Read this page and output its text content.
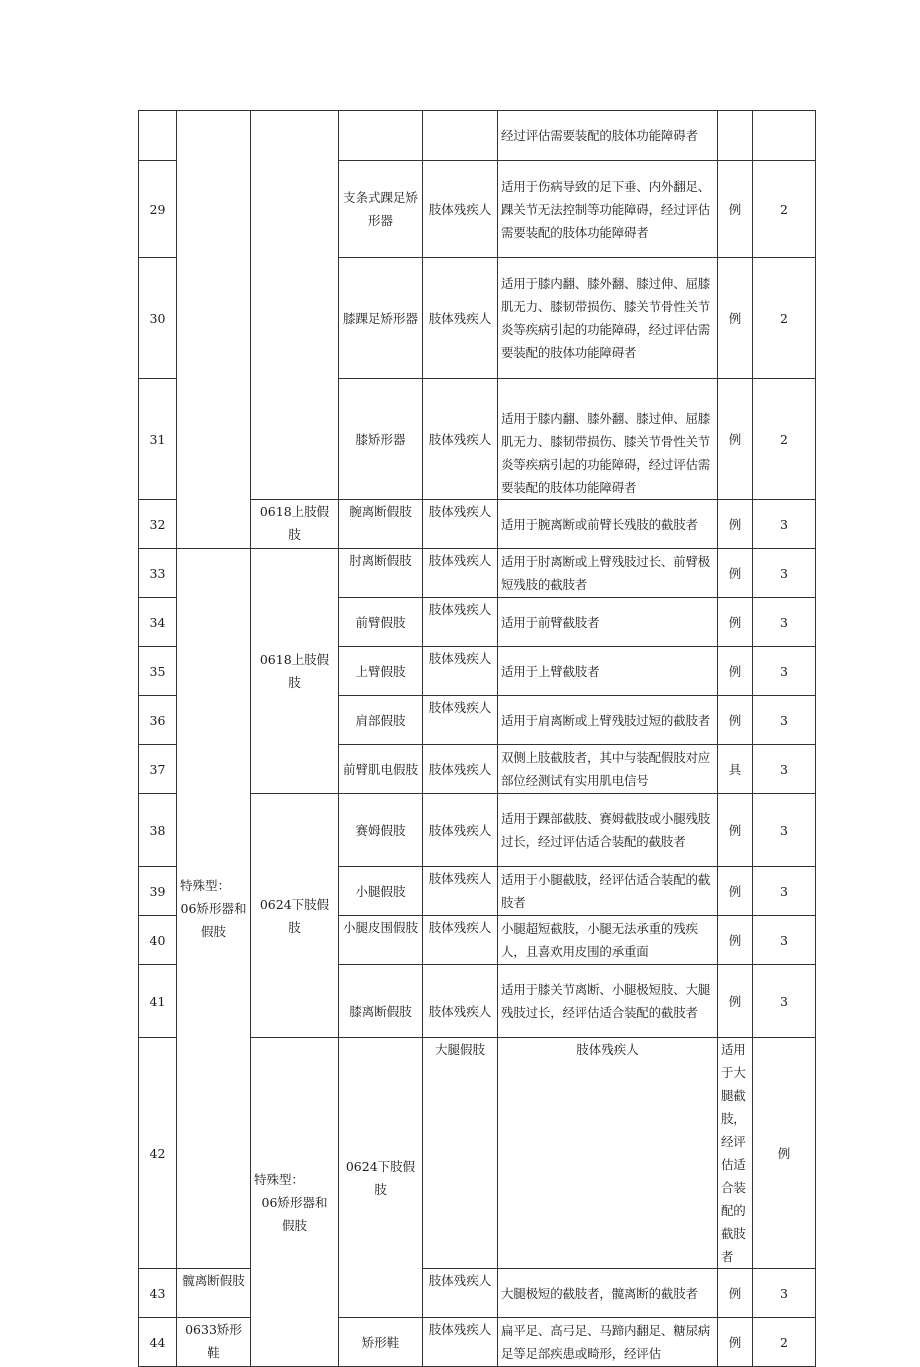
					经过评估需要装配的肢体功能障碍者			
29			支条式踝足矫形器	肢体残疾人	适用于伤病导致的足下垂、内外翻足、踝关节无法控制等功能障碍，经过评估需要装配的肢体功能障碍者	例	2	
30			膝踝足矫形器	肢体残疾人	适用于膝内翻、膝外翻、膝过伸、屈膝肌无力、膝韧带损伤、膝关节骨性关节炎等疾病引起的功能障碍，经过评估需要装配的肢体功能障碍者	例	2	
31			膝矫形器	肢体残疾人	适用于膝内翻、膝外翻、膝过伸、屈膝肌无力、膝韧带损伤、膝关节骨性关节炎等疾病引起的功能障碍，经过评估需要装配的肢体功能障碍者	例	2	
32		0618上肢假肢	腕离断假肢	肢体残疾人	适用于腕离断或前臂长残肢的截肢者	例	3	
33	特殊型：
06矫形器和
假肢	0618上肢假肢	肘离断假肢	肢体残疾人	适用于肘离断或上臂残肢过长、前臂极短残肢的截肢者	例	3	
34			前臂假肢	肢体残疾人	适用于前臂截肢者	例	3	
35			上臂假肢	肢体残疾人	适用于上臂截肢者	例	3	
36			肩部假肢	肢体残疾人	适用于肩离断或上臂残肢过短的截肢者	例	3	
37			前臂肌电假肢	肢体残疾人	双侧上肢截肢者，其中与装配假肢对应部位经测试有实用肌电信号	具	3	
38		0624下肢假肢	赛姆假肢	肢体残疾人	适用于踝部截肢、赛姆截肢或小腿残肢过长，经过评估适合装配的截肢者	例	3	
39			小腿假肢	肢体残疾人	适用于小腿截肢，经评估适合装配的截肢者	例	3	
40			小腿皮围假肢	肢体残疾人	小腿超短截肢，小腿无法承重的残疾人，且喜欢用皮围的承重面	例	3	
41			膝离断假肢	肢体残疾人	适用于膝关节离断、小腿极短肢、大腿残肢过长，经评估适合装配的截肢者	例	3	
42		特殊型：
06矫形器和
假肢	0624下肢假肢	大腿假肢	肢体残疾人	适用于大腿截肢，经评估适合装配的截肢者	例	
43	髋离断假肢			肢体残疾人	大腿极短的截肢者，髋离断的截肢者	例	3	
44	0633矫形鞋		矫形鞋	肢体残疾人	扁平足、高弓足、马蹄内翻足、糖尿病足等足部疾患或畸形，经评估	例	2	
